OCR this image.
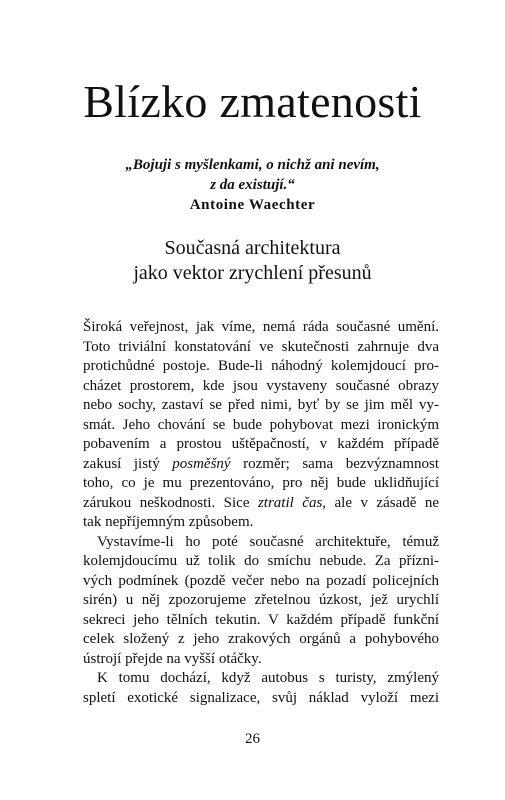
Blízko zmatenosti
„Bojuji s myšlenkami, o nichž ani nevím,
z da existují.“
Antoine Waechter
Současná architektura
jako vektor zrychlení přesunů
Široká veřejnost, jak víme, nemá ráda současné umění.
Toto triviální konstatování ve skutečnosti zahrnuje dva
protichůdné postoje. Bude-li náhodný kolemjdoucí pro-
cházet prostorem, kde jsou vystaveny současné obrazy
nebo sochy, zastaví se před nimi, byť by se jim měl vy-
smát. Jeho chování se bude pohybovat mezi ironickým
pobavením a prostou uštěpačností, v každém případě
zakusí jistý posměšný rozměr; sama bezvýznamnost
toho, co je mu prezentováno, pro něj bude uklidňující
zárukou neškodnosti. Sice ztratil čas, ale v zásadě ne
tak nepříjemným způsobem.
Vystavíme-li ho poté současné architektuře, témuž
kolemjdoucímu už tolik do smíchu nebude. Za přízni-
vých podmínek (pozdě večer nebo na pozadí policejních
sirén) u něj zpozorujeme zřetelnou úzkost, jež urychlí
sekreci jeho tělních tekutin. V každém případě funkční
celek složený z jeho zrakových orgánů a pohybového
ústrojí přejde na vyšší otáčky.
K tomu dochází, když autobus s turisty, zmýlený
spletí exotické signalizace, svůj náklad vyloží mezi
26
